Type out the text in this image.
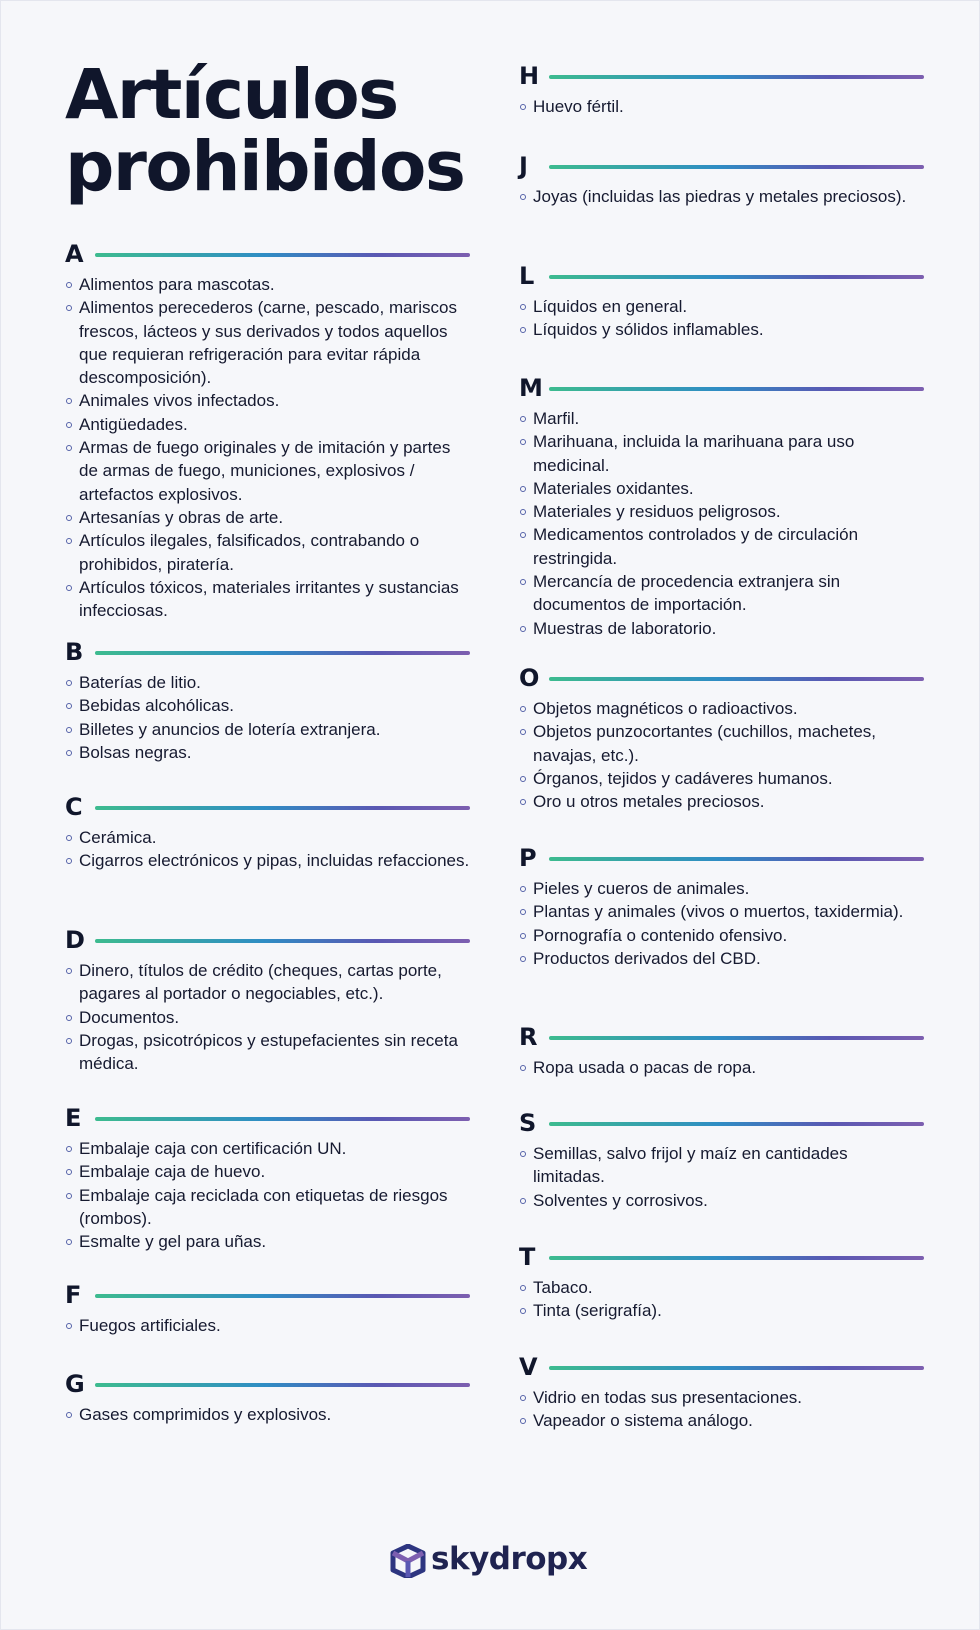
Artículos
prohibidos
A
Alimentos para mascotas.
Alimentos perecederos (carne, pescado, mariscos frescos, lácteos y sus derivados y todos aquellos que requieran refrigeración para evitar rápida descomposición).
Animales vivos infectados.
Antigüedades.
Armas de fuego originales y de imitación y partes de armas de fuego, municiones, explosivos / artefactos explosivos.
Artesanías y obras de arte.
Artículos ilegales, falsificados, contrabando o prohibidos, piratería.
Artículos tóxicos, materiales irritantes y sustancias infecciosas.
B
Baterías de litio.
Bebidas alcohólicas.
Billetes y anuncios de lotería extranjera.
Bolsas negras.
C
Cerámica.
Cigarros electrónicos y pipas, incluidas refacciones.
D
Dinero, títulos de crédito (cheques, cartas porte, pagares al portador o negociables, etc.).
Documentos.
Drogas, psicotrópicos y estupefacientes sin receta médica.
E
Embalaje caja con certificación UN.
Embalaje caja de huevo.
Embalaje caja reciclada con etiquetas de riesgos (rombos).
Esmalte y gel para uñas.
F
Fuegos artificiales.
G
Gases comprimidos y explosivos.
H
Huevo fértil.
J
Joyas (incluidas las piedras y metales preciosos).
L
Líquidos en general.
Líquidos y sólidos inflamables.
M
Marfil.
Marihuana, incluida la marihuana para uso medicinal.
Materiales oxidantes.
Materiales y residuos peligrosos.
Medicamentos controlados y de circulación restringida.
Mercancía de procedencia extranjera sin documentos de importación.
Muestras de laboratorio.
O
Objetos magnéticos o radioactivos.
Objetos punzocortantes (cuchillos, machetes, navajas, etc.).
Órganos, tejidos y cadáveres humanos.
Oro u otros metales preciosos.
P
Pieles y cueros de animales.
Plantas y animales (vivos o muertos, taxidermia).
Pornografía o contenido ofensivo.
Productos derivados del CBD.
R
Ropa usada o pacas de ropa.
S
Semillas, salvo frijol y maíz en cantidades limitadas.
Solventes y corrosivos.
T
Tabaco.
Tinta (serigrafía).
V
Vidrio en todas sus presentaciones.
Vapeador o sistema análogo.
skydropx
